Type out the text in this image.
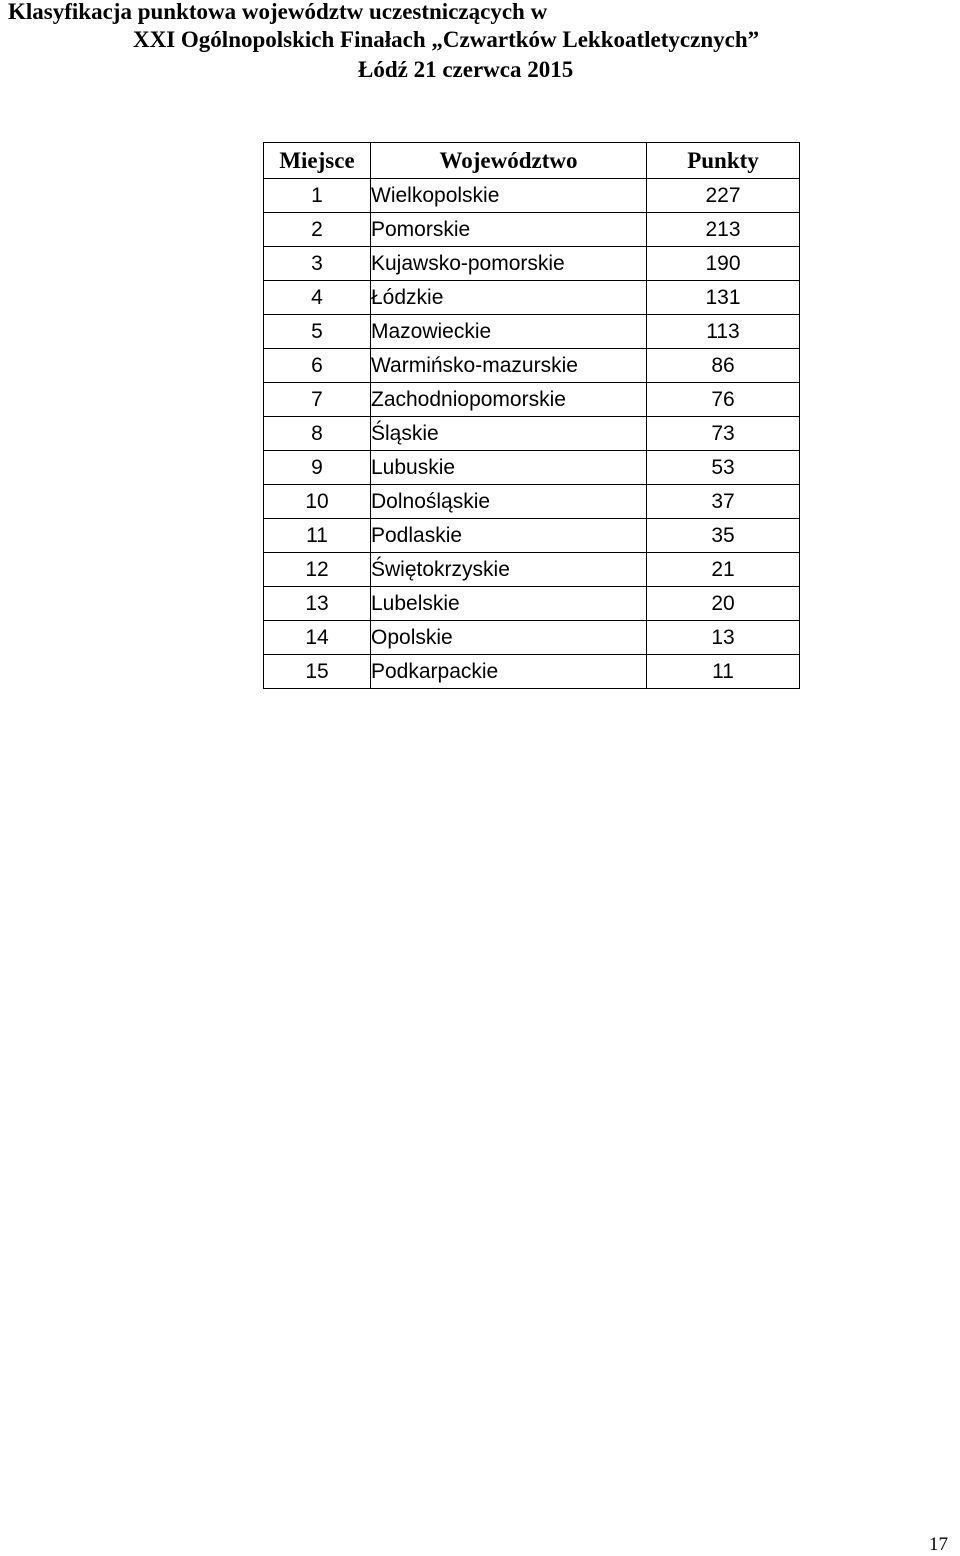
Klasyfikacja punktowa województw uczestniczących w
XXI Ogólnopolskich Finałach „Czwartków Lekkoatletycznych”
Łódź 21 czerwca 2015
Miejsce	Województwo	Punkty
1	Wielkopolskie	227
2	Pomorskie	213
3	Kujawsko-pomorskie	190
4	Łódzkie	131
5	Mazowieckie	113
6	Warmińsko-mazurskie	86
7	Zachodniopomorskie	76
8	Śląskie	73
9	Lubuskie	53
10	Dolnośląskie	37
11	Podlaskie	35
12	Świętokrzyskie	21
13	Lubelskie	20
14	Opolskie	13
15	Podkarpackie	11
17
